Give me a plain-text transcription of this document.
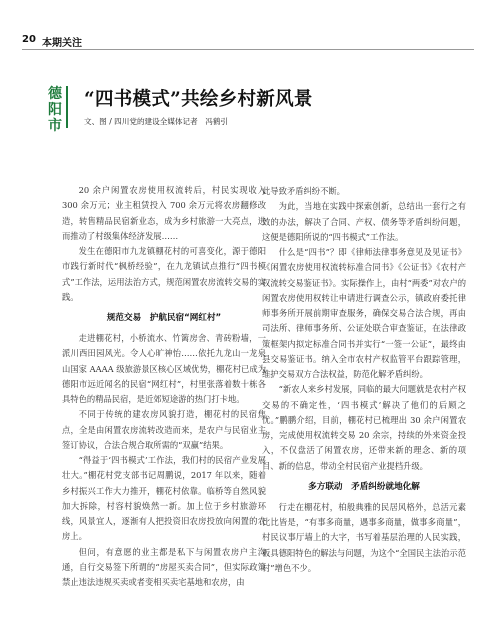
20 本期关注
德
阳
市
“四书模式”共绘乡村新风景
文、图 / 四川党的建设全媒体记者　冯鹤引

20 余户闲置农房使用权流转后，村民实现收入 300 余万元；业主租赁投入 700 余万元将农房翻修改造，转售精品民宿新业态，成为乡村旅游一大亮点，进而推动了村级集体经济发展……

发生在德阳市九龙镇棚花村的可喜变化，源于德阳市践行新时代“枫桥经验”，在九龙镇试点推行“四书模式”工作法，运用法治方式，规范闲置农房流转交易的实践。

规范交易　护航民宿“网红村”

走进棚花村，小桥流水、竹篱房舍、青砖粉墙，一派川西田园风光。令人心旷神怡……依托九龙山一龙泉山国家 AAAA 级旅游景区核心区域优势，棚花村已成为德阳市远近闻名的民宿“网红村”，村里张落着数十栋各具特色的精品民宿，是近郊短途游的热门打卡地。

不同于传统的建农房风貌打造，棚花村的民宿焦点，全是由闲置农房流转改造而来，是农户与民宿业主签订协议，合法合规合取所需的“双赢”结果。

“得益于‘四书模式’工作法，我们村的民宿产业发展壮大。”棚花村党支部书记周鹏说，2017 年以来，随着乡村振兴工作大力推开，棚花村依靠。临桥等自然风貌加大拆除，村容村貌焕然一新。加上位于乡村旅游环线，风景宜人，逐渐有人把投资旧农房投放向闲置的农房上。

但问，有意愿的业主都是私下与闲置农房户主沟通，自行交易签下所谓的“房屋买卖合同”，但实际政策禁止违法违规买卖或者变相买卖宅基地和农房，由

此导致矛盾纠纷不断。

为此，当地在实践中探索创新，总结出一套行之有效的办法，解决了合同、产权、债务等矛盾纠纷问题，这便是德阳所说的“四书模式”工作法。

什么是“四书”？即《律师法律事务意见及见证书》《闲置农房使用权流转标准合同书》《公证书》《农村产权流转交易鉴证书》。实际操作上，由村“两委”对农户的闲置农房使用权转让申请进行调查公示，镇政府委托律师事务所开展前期审查服务，确保交易合法合规，再由司法所、律师事务所、公证处联合审查鉴证，在法律政策框架内拟定标准合同书并实行“一签一公证”，最终由县交易鉴证书。纳入全市农村产权监管平台跟踪管理，维护交易双方合法权益，防范化解矛盾纠纷。

“新农人来乡村发展，同临的最大问题就是农村产权交易的不确定性，‘四书模式’解决了他们的后顾之忧。”鹏鹏介绍，目前，棚花村已梳理出 30 余户闲置农房，完成使用权流转交易 20 余宗，持续的外来资金投入，不仅盘活了闲置农房，还带来新的理念、新的项目、新的信息，带动全村民宿产业提档升级。

多方联动　矛盾纠纷就地化解

行走在棚花村，柏般典雅的民居风格外，总活元素比比皆是，“有事多商量，遇事多商量，做事多商量”，村民议事厅墙上的大字，书写着基层治理的人民实践，板具德阳特色的解法与问题，为这个“全国民主法治示范村”增色不少。
